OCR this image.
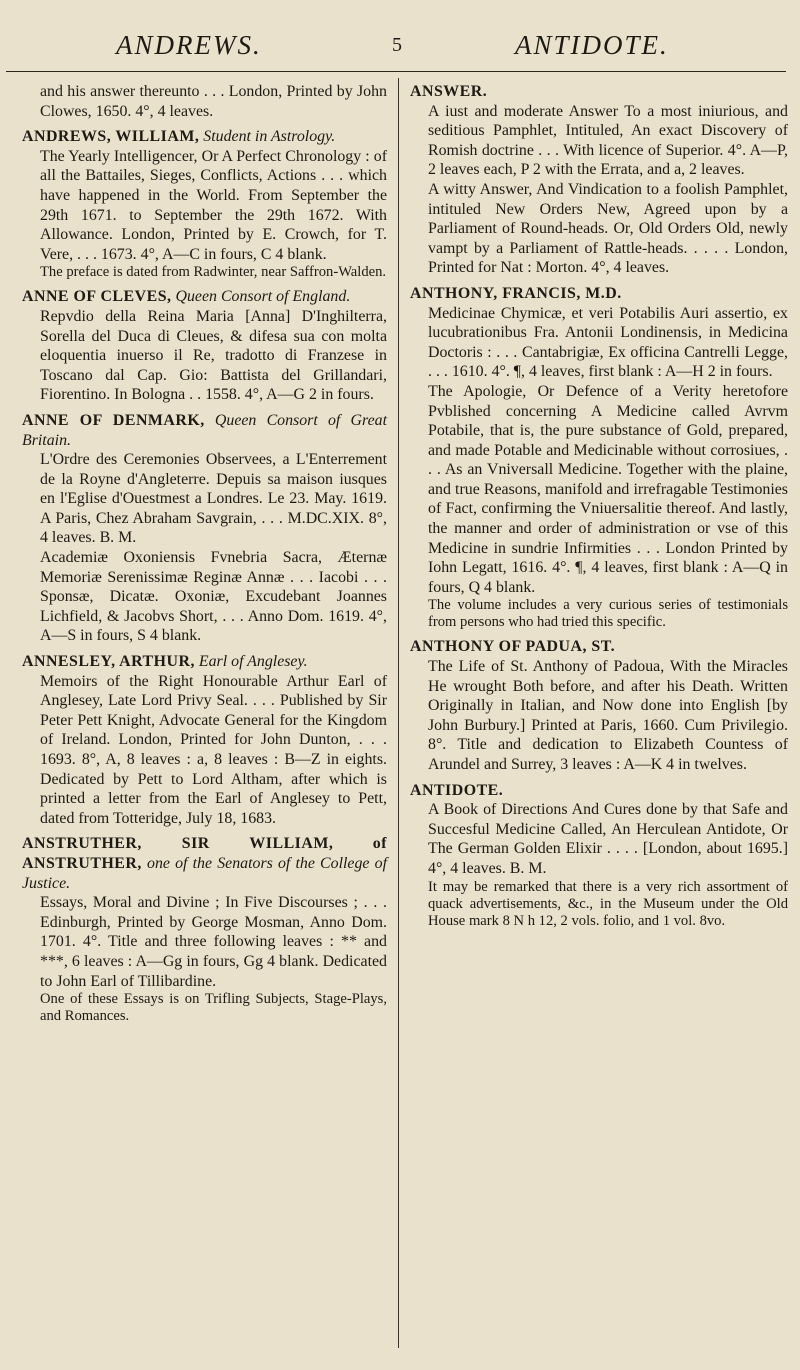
ANDREWS.	5	ANTIDOTE.

and his answer thereunto . . . London, Printed by John Clowes, 1650. 4°, 4 leaves.

ANDREWS, WILLIAM, Student in Astrology.

The Yearly Intelligencer, Or A Perfect Chronology : of all the Battailes, Sieges, Conflicts, Actions . . . which have happened in the World. From September the 29th 1671. to September the 29th 1672. With Allowance. London, Printed by E. Crowch, for T. Vere, . . . 1673. 4°, A—C in fours, C 4 blank.

The preface is dated from Radwinter, near Saffron-Walden.

ANNE OF CLEVES, Queen Consort of England.

Repvdio della Reina Maria [Anna] D'Inghilterra, Sorella del Duca di Cleues, & difesa sua con molta eloquentia inuerso il Re, tradotto di Franzese in Toscano dal Cap. Gio: Battista del Grillandari, Fiorentino. In Bologna . . 1558. 4°, A—G 2 in fours.

ANNE OF DENMARK, Queen Consort of Great Britain.

L'Ordre des Ceremonies Observees, a L'Enterrement de la Royne d'Angleterre. Depuis sa maison iusques en l'Eglise d'Ouestmest a Londres. Le 23. May. 1619. A Paris, Chez Abraham Savgrain, . . . M.DC.XIX. 8°, 4 leaves. B. M.

Academiæ Oxoniensis Fvnebria Sacra, Æternæ Memoriæ Serenissimæ Reginæ Annæ . . . Iacobi . . . Sponsæ, Dicatæ. Oxoniæ, Excudebant Joannes Lichfield, & Jacobvs Short, . . . Anno Dom. 1619. 4°, A—S in fours, S 4 blank.

ANNESLEY, ARTHUR, Earl of Anglesey.

Memoirs of the Right Honourable Arthur Earl of Anglesey, Late Lord Privy Seal. . . . Published by Sir Peter Pett Knight, Advocate General for the Kingdom of Ireland. London, Printed for John Dunton, . . . 1693. 8°, A, 8 leaves : a, 8 leaves : B—Z in eights. Dedicated by Pett to Lord Altham, after which is printed a letter from the Earl of Anglesey to Pett, dated from Totteridge, July 18, 1683.

ANSTRUTHER, SIR WILLIAM, of ANSTRUTHER, one of the Senators of the College of Justice.

Essays, Moral and Divine ; In Five Discourses ; . . . Edinburgh, Printed by George Mosman, Anno Dom. 1701. 4°. Title and three following leaves : ** and ***, 6 leaves : A—Gg in fours, Gg 4 blank. Dedicated to John Earl of Tillibardine.

One of these Essays is on Trifling Subjects, Stage-Plays, and Romances.

ANSWER.

A iust and moderate Answer To a most iniurious, and seditious Pamphlet, Intituled, An exact Discovery of Romish doctrine . . . With licence of Superior. 4°. A—P, 2 leaves each, P 2 with the Errata, and a, 2 leaves.

A witty Answer, And Vindication to a foolish Pamphlet, intituled New Orders New, Agreed upon by a Parliament of Round-heads. Or, Old Orders Old, newly vampt by a Parliament of Rattle-heads. . . . . London, Printed for Nat : Morton. 4°, 4 leaves.

ANTHONY, FRANCIS, M.D.

Medicinae Chymicæ, et veri Potabilis Auri assertio, ex lucubrationibus Fra. Antonii Londinensis, in Medicina Doctoris : . . . Cantabrigiæ, Ex officina Cantrelli Legge, . . . 1610. 4°. ¶, 4 leaves, first blank : A—H 2 in fours.

The Apologie, Or Defence of a Verity heretofore Pvblished concerning A Medicine called Avrvm Potabile, that is, the pure substance of Gold, prepared, and made Potable and Medicinable without corrosiues, . . . As an Vniversall Medicine. Together with the plaine, and true Reasons, manifold and irrefragable Testimonies of Fact, confirming the Vniuersalitie thereof. And lastly, the manner and order of administration or vse of this Medicine in sundrie Infirmities . . . London Printed by Iohn Legatt, 1616. 4°. ¶, 4 leaves, first blank : A—Q in fours, Q 4 blank.

The volume includes a very curious series of testimonials from persons who had tried this specific.

ANTHONY OF PADUA, ST.

The Life of St. Anthony of Padoua, With the Miracles He wrought Both before, and after his Death. Written Originally in Italian, and Now done into English [by John Burbury.] Printed at Paris, 1660. Cum Privilegio. 8°. Title and dedication to Elizabeth Countess of Arundel and Surrey, 3 leaves : A—K 4 in twelves.

ANTIDOTE.

A Book of Directions And Cures done by that Safe and Succesful Medicine Called, An Herculean Antidote, Or The German Golden Elixir . . . . [London, about 1695.] 4°, 4 leaves. B. M.

It may be remarked that there is a very rich assortment of quack advertisements, &c., in the Museum under the Old House mark 8 N h 12, 2 vols. folio, and 1 vol. 8vo.
